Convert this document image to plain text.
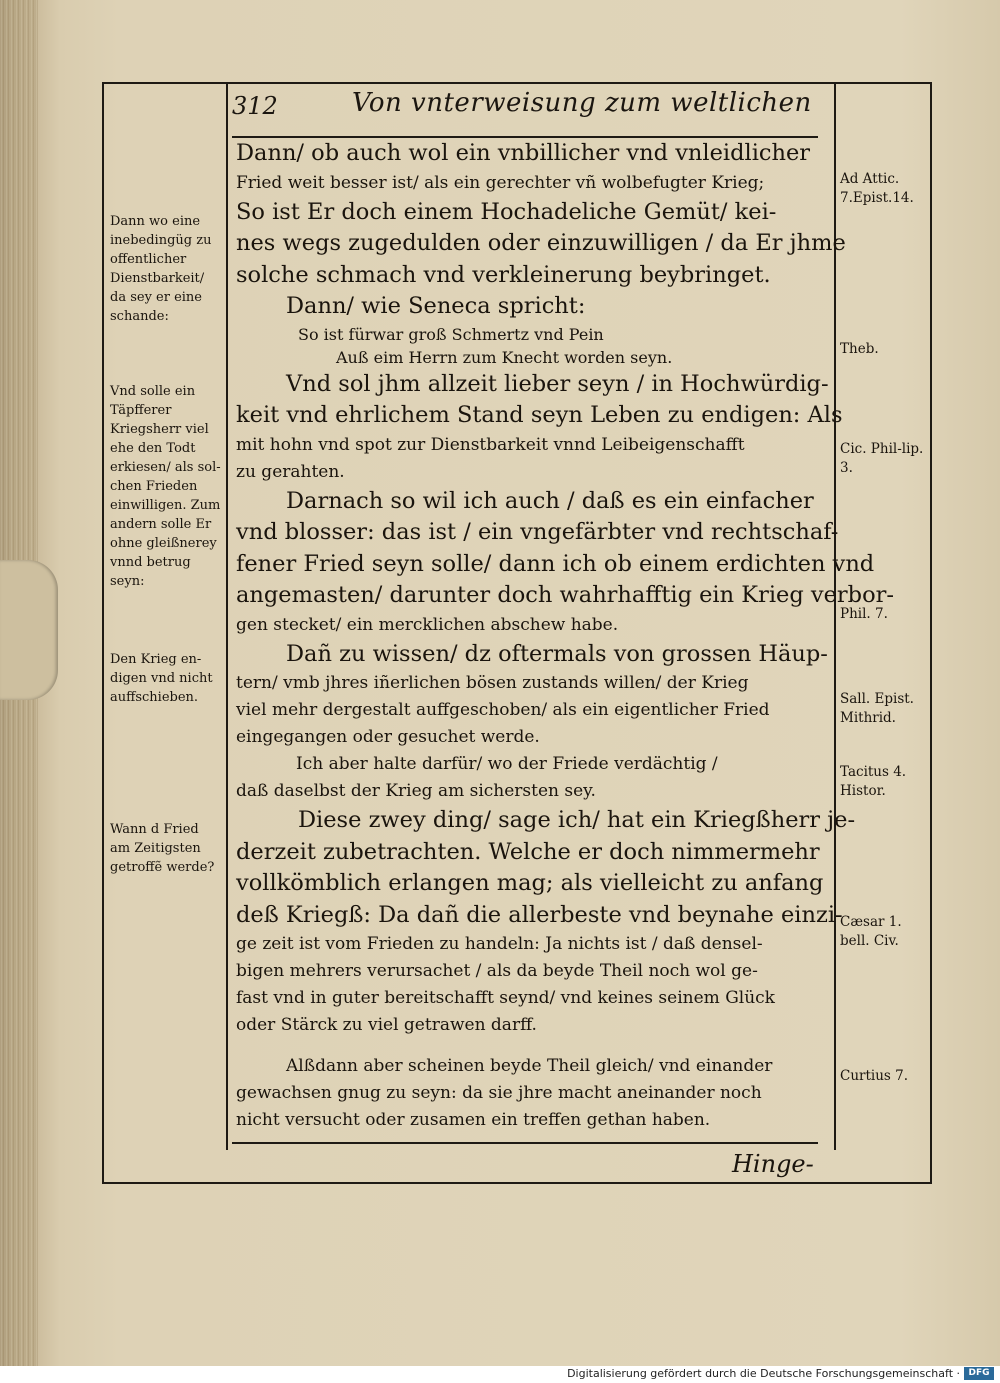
312	Von vnterweisung zum weltlichen
Dann/ ob auch wol ein vnbillicher vnd vnleidlicher
Fried weit besser ist/ als ein gerechter vñ wolbefugter Krieg;
So ist Er doch einem Hochadeliche Gemüt/ kei-
nes wegs zugedulden oder einzuwilligen / da Er jhme
solche schmach vnd verkleinerung beybringet.
Dann/ wie Seneca spricht:
So ist fürwar groß Schmertz vnd Pein
Auß eim Herrn zum Knecht worden seyn.
Vnd sol jhm allzeit lieber seyn / in Hochwürdig-
keit vnd ehrlichem Stand seyn Leben zu endigen: Als
mit hohn vnd spot zur Dienstbarkeit vnnd Leibeigenschafft
zu gerahten.
Darnach so wil ich auch / daß es ein einfacher
vnd blosser: das ist / ein vngefärbter vnd rechtschaf-
fener Fried seyn solle/ dann ich ob einem erdichten vnd
angemasten/ darunter doch wahrhafftig ein Krieg verbor-
gen stecket/ ein mercklichen abschew habe.
Dañ zu wissen/ dz oftermals von grossen Häup-
tern/ vmb jhres iñerlichen bösen zustands willen/ der Krieg
viel mehr dergestalt auffgeschoben/ als ein eigentlicher Fried
eingegangen oder gesuchet werde.
Ich aber halte darfür/ wo der Friede verdächtig /
daß daselbst der Krieg am sichersten sey.
Diese zwey ding/ sage ich/ hat ein Kriegßherr je-
derzeit zubetrachten. Welche er doch nimmermehr
vollkömblich erlangen mag; als vielleicht zu anfang
deß Kriegß: Da dañ die allerbeste vnd beynahe einzi-
ge zeit ist vom Frieden zu handeln: Ja nichts ist / daß densel-
bigen mehrers verursachet / als da beyde Theil noch wol ge-
fast vnd in guter bereitschafft seynd/ vnd keines seinem Glück
oder Stärck zu viel getrawen darff.
Alßdann aber scheinen beyde Theil gleich/ vnd einander
gewachsen gnug zu seyn: da sie jhre macht aneinander noch
nicht versucht oder zusamen ein treffen gethan haben.
Dann wo eine inebedingüg zu offentlicher Dienstbarkeit/ da sey er eine schande:
Vnd solle ein Täpfferer Kriegsherr viel ehe den Todt erkiesen/ als sol-chen Frieden einwilligen. Zum andern solle Er ohne gleißnerey vnnd betrug seyn:
Den Krieg en-digen vnd nicht auffschieben.
Wann d Fried am Zeitigsten getroffẽ werde?
Ad Attic. 7.Epist.14.
Theb.
Cic. Phil-lip. 3.
Phil. 7.
Sall. Epist. Mithrid.
Tacitus 4. Histor.
Cæsar 1. bell. Civ.
Curtius 7.
Hinge-
Digitalisierung gefördert durch die Deutsche Forschungsgemeinschaft · DFG
